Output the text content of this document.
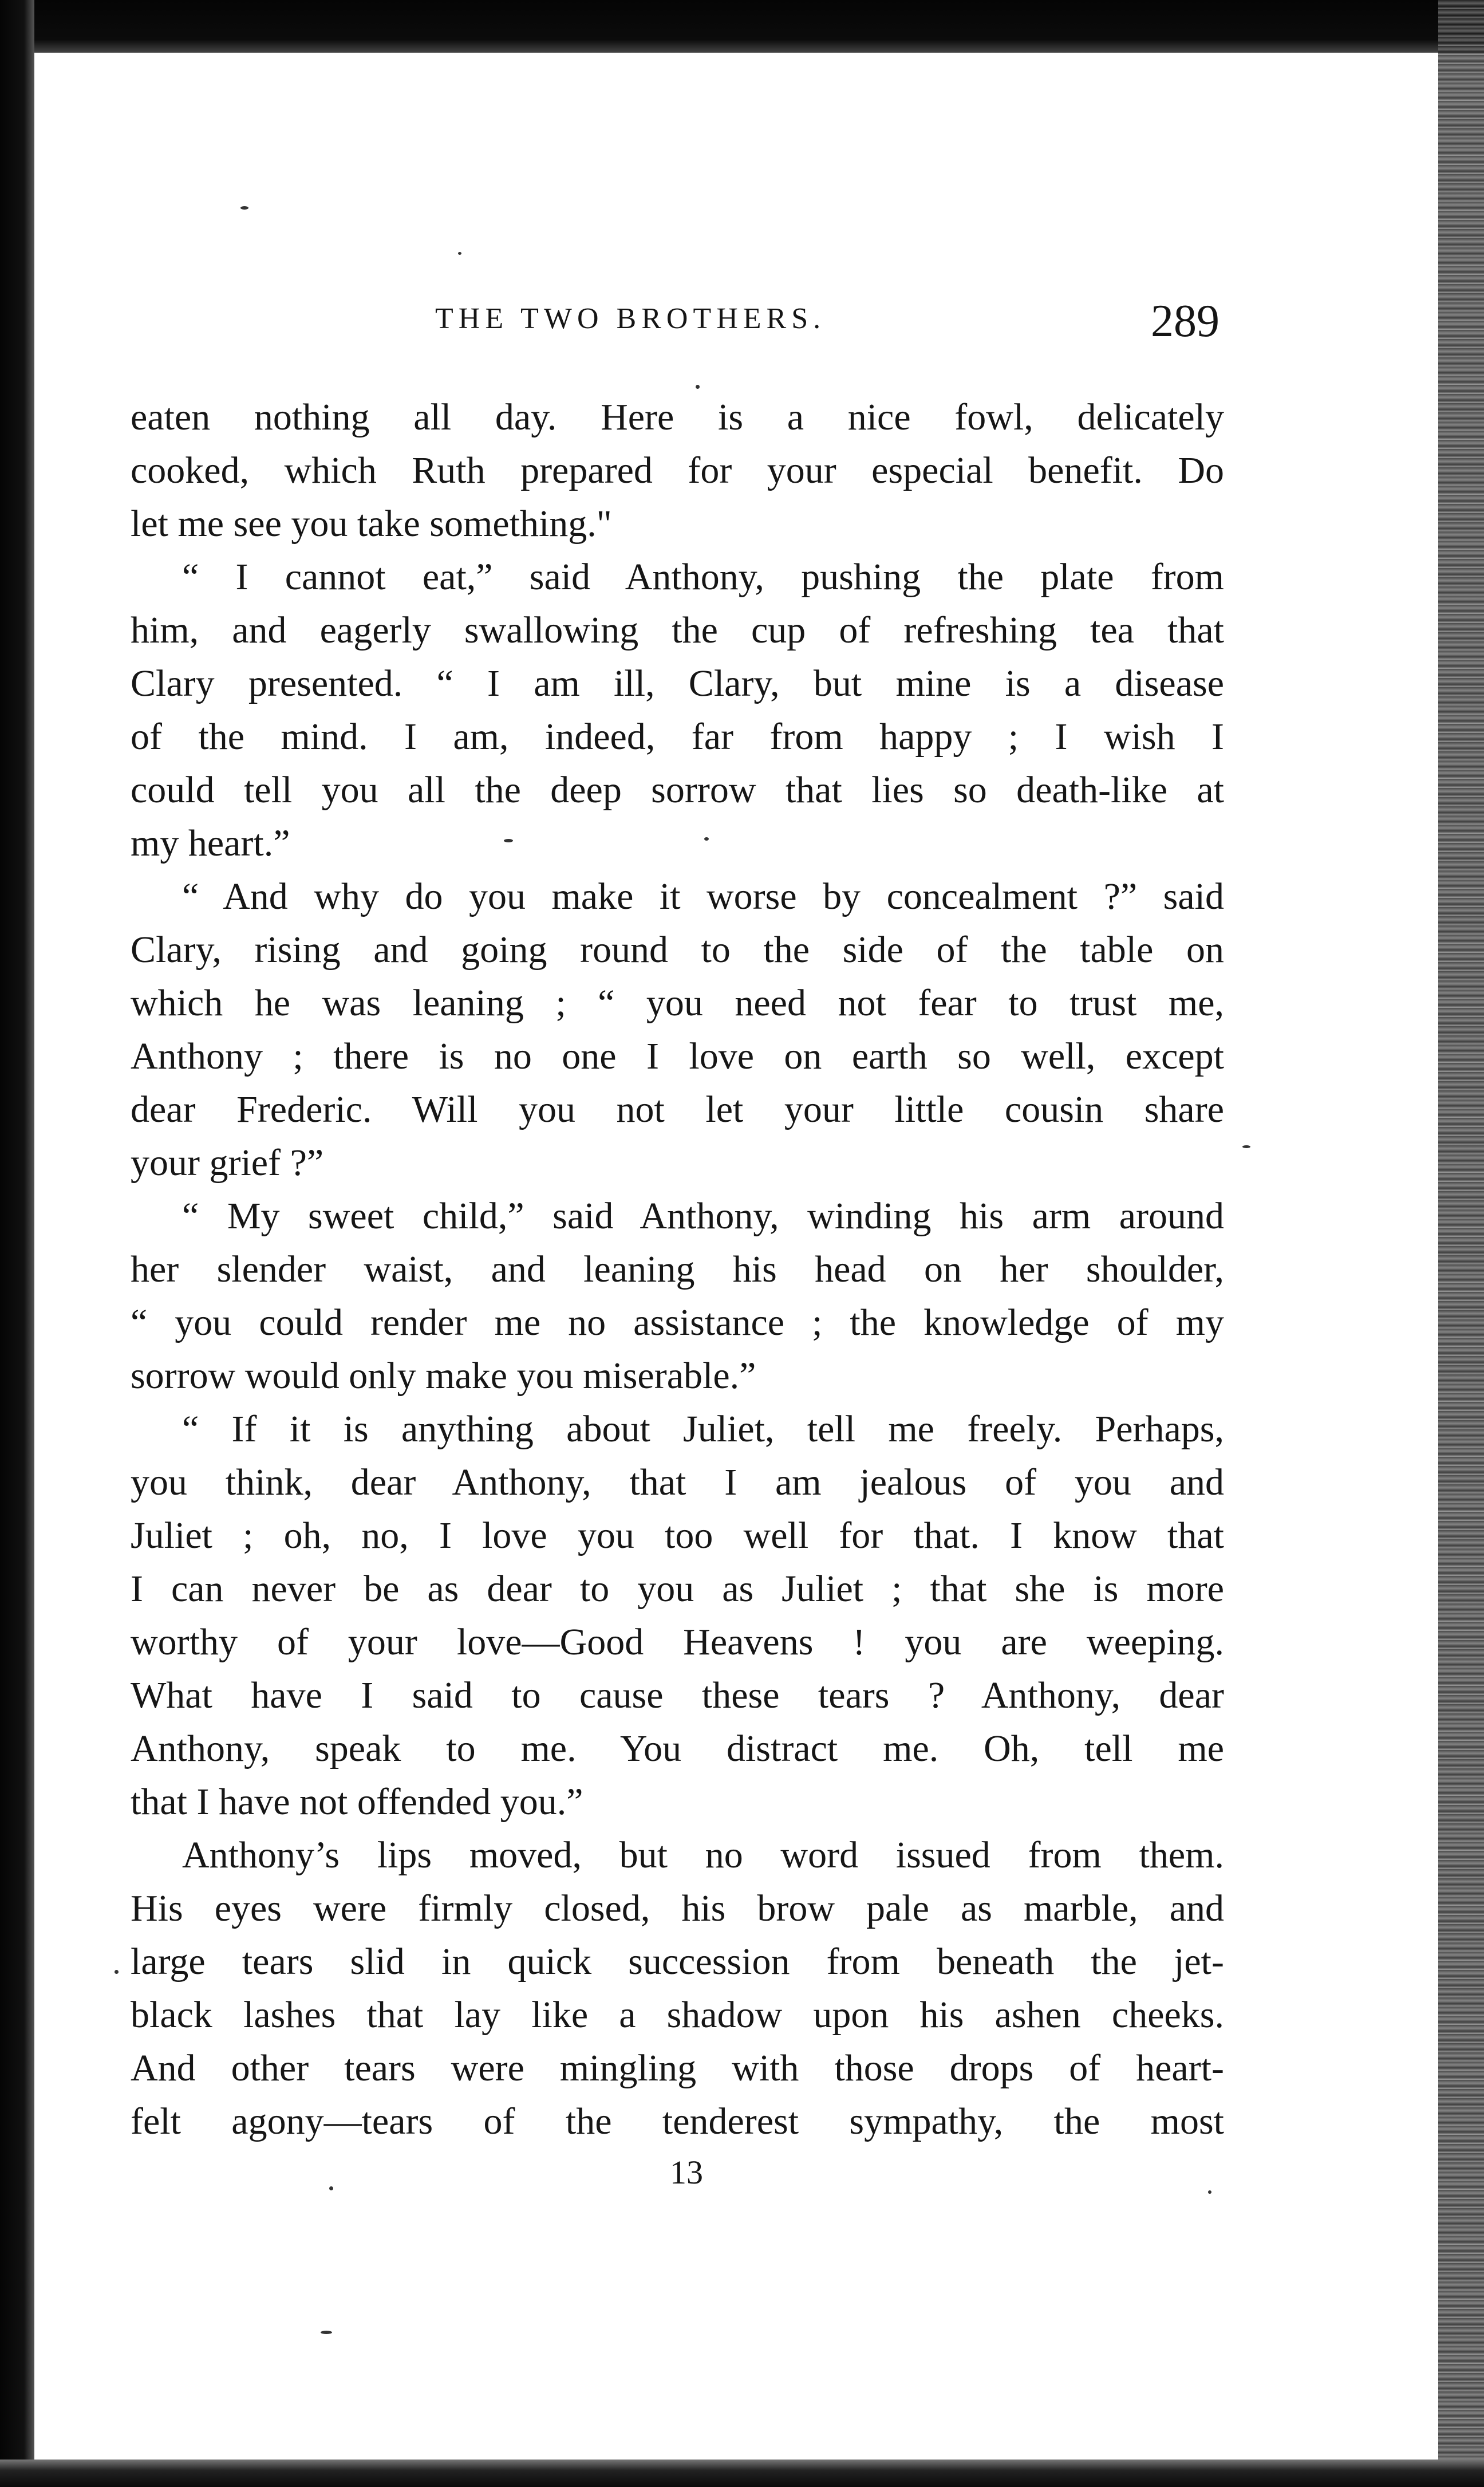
THE TWO BROTHERS.	289
eaten nothing all day. Here is a nice fowl, delicately
cooked, which Ruth prepared for your especial benefit. Do
let me see you take something."
“ I cannot eat,” said Anthony, pushing the plate from
him, and eagerly swallowing the cup of refreshing tea that
Clary presented. “ I am ill, Clary, but mine is a disease
of the mind. I am, indeed, far from happy ; I wish I
could tell you all the deep sorrow that lies so death-like at
my heart.”
“ And why do you make it worse by concealment ?” said
Clary, rising and going round to the side of the table on
which he was leaning ; “ you need not fear to trust me,
Anthony ; there is no one I love on earth so well, except
dear Frederic. Will you not let your little cousin share
your grief ?”
“ My sweet child,” said Anthony, winding his arm around
her slender waist, and leaning his head on her shoulder,
“ you could render me no assistance ; the knowledge of my
sorrow would only make you miserable.”
“ If it is anything about Juliet, tell me freely. Perhaps,
you think, dear Anthony, that I am jealous of you and
Juliet ; oh, no, I love you too well for that. I know that
I can never be as dear to you as Juliet ; that she is more
worthy of your love—Good Heavens ! you are weeping.
What have I said to cause these tears ? Anthony, dear
Anthony, speak to me. You distract me. Oh, tell me
that I have not offended you.”
Anthony’s lips moved, but no word issued from them.
His eyes were firmly closed, his brow pale as marble, and
large tears slid in quick succession from beneath the jet-
black lashes that lay like a shadow upon his ashen cheeks.
And other tears were mingling with those drops of heart-
felt agony—tears of the tenderest sympathy, the most
13
